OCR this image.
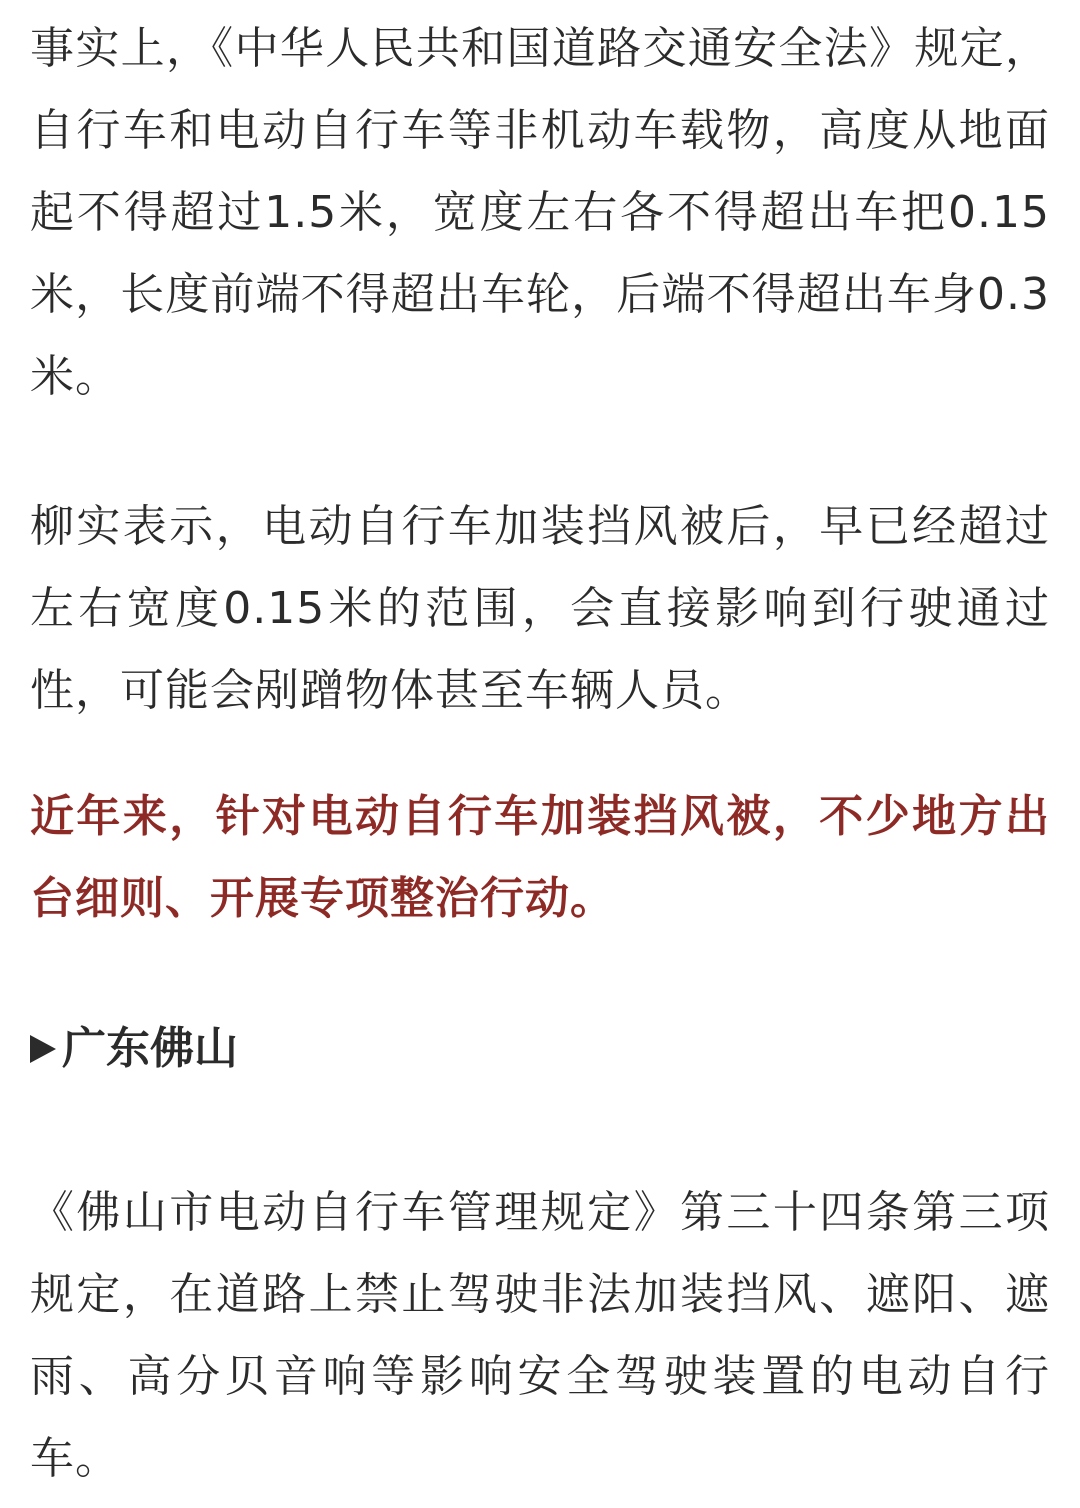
事实上，《中华人民共和国道路交通安全法》规定，自行车和电动自行车等非机动车载物，高度从地面起不得超过1.5米，宽度左右各不得超出车把0.15米，长度前端不得超出车轮，后端不得超出车身0.3米。

柳实表示，电动自行车加装挡风被后，早已经超过左右宽度0.15米的范围，会直接影响到行驶通过性，可能会剐蹭物体甚至车辆人员。

近年来，针对电动自行车加装挡风被，不少地方出台细则、开展专项整治行动。

广东佛山

《佛山市电动自行车管理规定》第三十四条第三项规定，在道路上禁止驾驶非法加装挡风、遮阳、遮雨、高分贝音响等影响安全驾驶装置的电动自行车。
